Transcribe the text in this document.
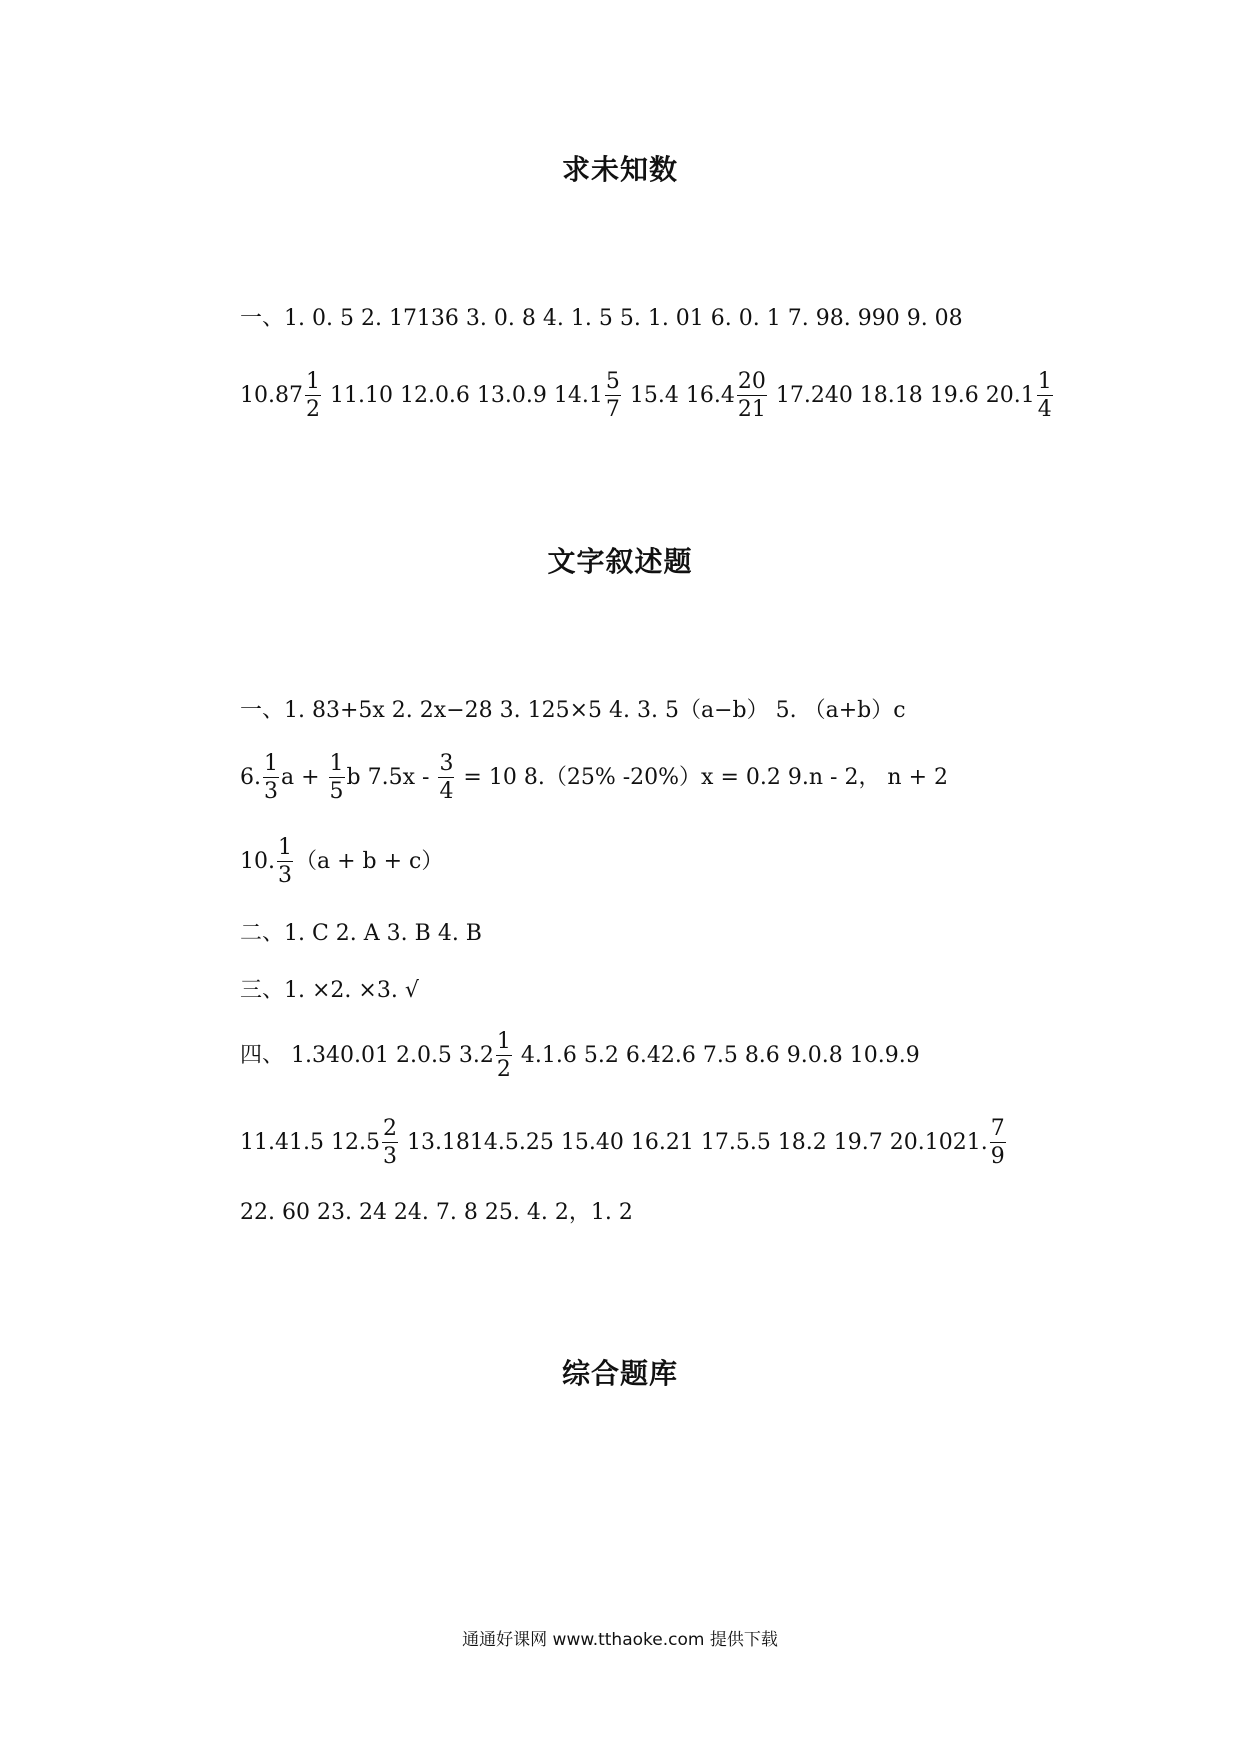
求未知数
一、1. 0. 5 2. 17136 3. 0. 8 4. 1. 5 5. 1. 01 6. 0. 1 7. 98. 990 9. 08
$10.87 \frac{1}{2} 11.10$ 12.0.6 13.0.9 $14.1 \frac{5}{7} 15.4$ $16.4 \frac{20}{21} 17.240$ 18.18 19.6 $20.1 \frac{1}{4}$
文字叙述题
一、1. 83+5x 2. 2x−28 3. 125×5 4. 3. 5（a−b） 5. （a+b）c
6. $\frac{1}{3}$ $a + \frac{1}{5}$ b $7.5x - \frac{3}{4} = 10$ 8.（25% -20%）x = 0.2 9.n - 2， n + 2
10. $\frac{1}{3} (a + b + c)$
二、1. C 2. A 3. B 4. B
三、1. ×2. ×3. √
四、 1.340.01 2.0.5 $3.2 \frac{1}{2} 4.1.6$ 5.2 6.42.6 7.5 8.6 9.0.8 10.9.9
11.41.5 $12.5 \frac{2}{3} 13.1814.5.25$ 15.40 16.21 17.5.5 18.2 19.7 20.1021. $\frac{7}{9}$
22. 60 23. 24 24. 7. 8 25. 4. 2，1. 2
综合题库
通通好课网 www.tthaoke.com 提供下载
